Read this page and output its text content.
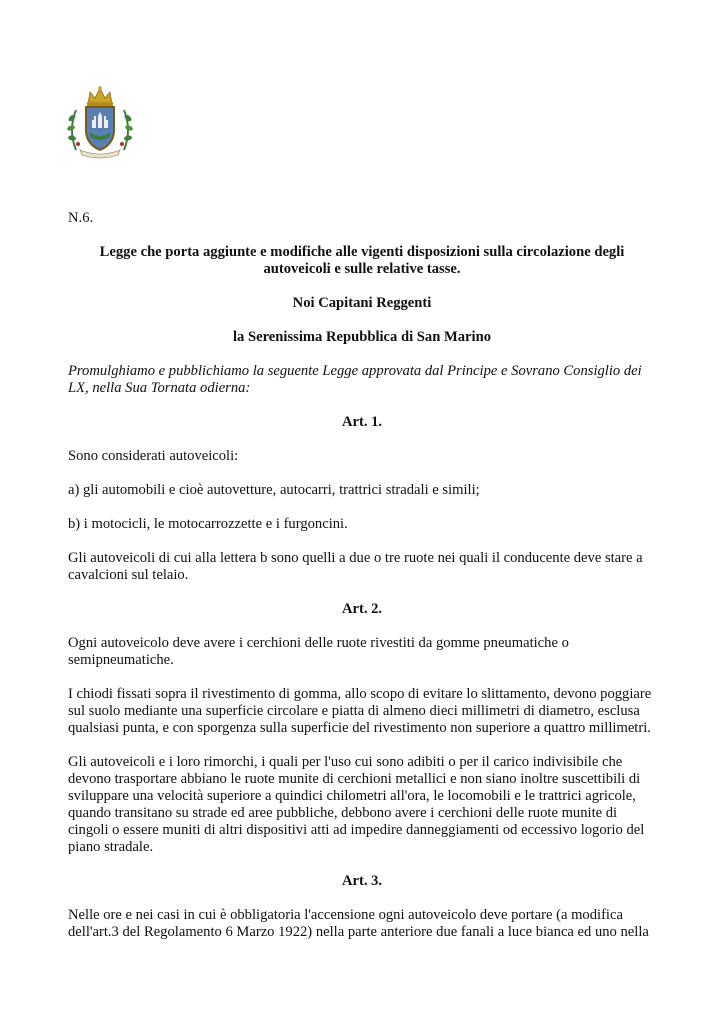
N.6.

Legge che porta aggiunte e modifiche alle vigenti disposizioni sulla circolazione degli autoveicoli e sulle relative tasse.

Noi Capitani Reggenti

la Serenissima Repubblica di San Marino

Promulghiamo e pubblichiamo la seguente Legge approvata dal Principe e Sovrano Consiglio dei LX, nella Sua Tornata odierna:

Art. 1.

Sono considerati autoveicoli:

a) gli automobili e cioè autovetture, autocarri, trattrici stradali e simili;

b) i motocicli, le motocarrozzette e i furgoncini.

Gli autoveicoli di cui alla lettera b sono quelli a due o tre ruote nei quali il conducente deve stare a cavalcioni sul telaio.

Art. 2.

Ogni autoveicolo deve avere i cerchioni delle ruote rivestiti da gomme pneumatiche o semipneumatiche.

I chiodi fissati sopra il rivestimento di gomma, allo scopo di evitare lo slittamento, devono poggiare sul suolo mediante una superficie circolare e piatta di almeno dieci millimetri di diametro, esclusa qualsiasi punta, e con sporgenza sulla superficie del rivestimento non superiore a quattro millimetri.

Gli autoveicoli e i loro rimorchi, i quali per l'uso cui sono adibiti o per il carico indivisibile che devono trasportare abbiano le ruote munite di cerchioni metallici e non siano inoltre suscettibili di sviluppare una velocità superiore a quindici chilometri all'ora, le locomobili e le trattrici agricole, quando transitano su strade ed aree pubbliche, debbono avere i cerchioni delle ruote munite di cingoli o essere muniti di altri dispositivi atti ad impedire danneggiamenti od eccessivo logorio del piano stradale.

Art. 3.

Nelle ore e nei casi in cui è obbligatoria l'accensione ogni autoveicolo deve portare (a modifica dell'art.3 del Regolamento 6 Marzo 1922) nella parte anteriore due fanali a luce bianca ed uno nella
